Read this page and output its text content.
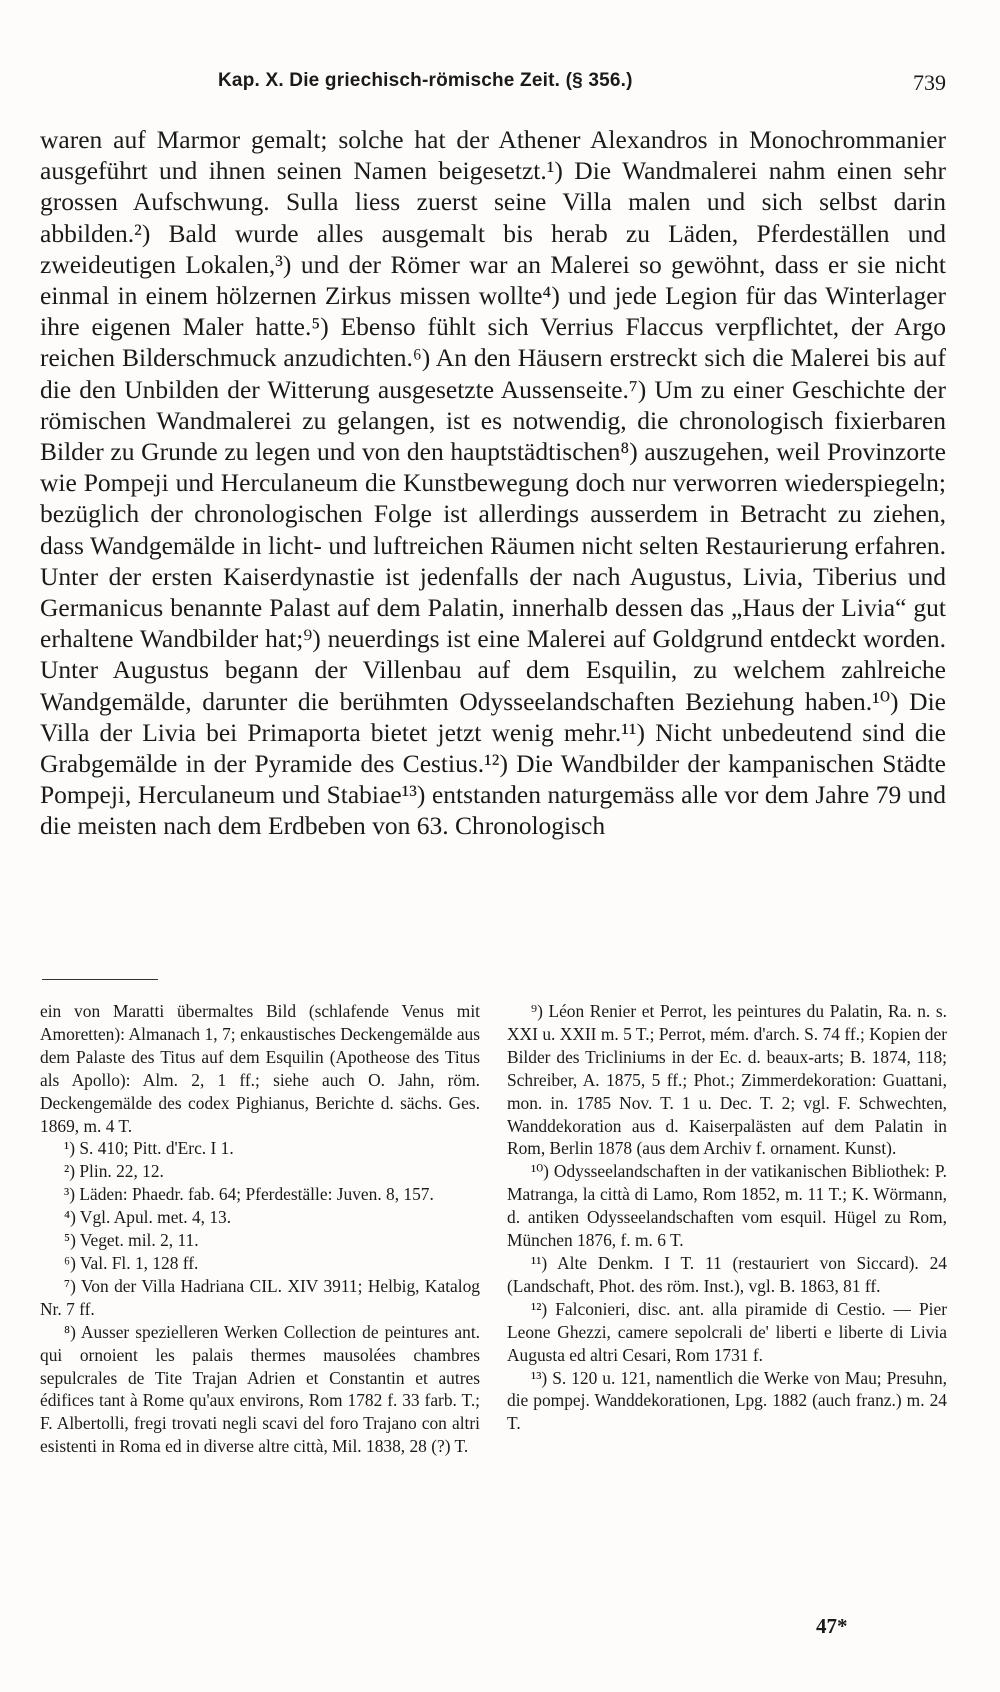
Kap. X. Die griechisch-römische Zeit. (§ 356.)	739

waren auf Marmor gemalt; solche hat der Athener Alexandros in Monochrommanier ausgeführt und ihnen seinen Namen beigesetzt.¹) Die Wandmalerei nahm einen sehr grossen Aufschwung. Sulla liess zuerst seine Villa malen und sich selbst darin abbilden.²) Bald wurde alles ausgemalt bis herab zu Läden, Pferdeställen und zweideutigen Lokalen,³) und der Römer war an Malerei so gewöhnt, dass er sie nicht einmal in einem hölzernen Zirkus missen wollte⁴) und jede Legion für das Winterlager ihre eigenen Maler hatte.⁵) Ebenso fühlt sich Verrius Flaccus verpflichtet, der Argo reichen Bilderschmuck anzudichten.⁶) An den Häusern erstreckt sich die Malerei bis auf die den Unbilden der Witterung ausgesetzte Aussenseite.⁷) Um zu einer Geschichte der römischen Wandmalerei zu gelangen, ist es notwendig, die chronologisch fixierbaren Bilder zu Grunde zu legen und von den hauptstädtischen⁸) auszugehen, weil Provinzorte wie Pompeji und Herculaneum die Kunstbewegung doch nur verworren wiederspiegeln; bezüglich der chronologischen Folge ist allerdings ausserdem in Betracht zu ziehen, dass Wandgemälde in licht- und luftreichen Räumen nicht selten Restaurierung erfahren. Unter der ersten Kaiserdynastie ist jedenfalls der nach Augustus, Livia, Tiberius und Germanicus benannte Palast auf dem Palatin, innerhalb dessen das „Haus der Livia“ gut erhaltene Wandbilder hat;⁹) neuerdings ist eine Malerei auf Goldgrund entdeckt worden. Unter Augustus begann der Villenbau auf dem Esquilin, zu welchem zahlreiche Wandgemälde, darunter die berühmten Odysseelandschaften Beziehung haben.¹⁰) Die Villa der Livia bei Primaporta bietet jetzt wenig mehr.¹¹) Nicht unbedeutend sind die Grabgemälde in der Pyramide des Cestius.¹²) Die Wandbilder der kampanischen Städte Pompeji, Herculaneum und Stabiae¹³) entstanden naturgemäss alle vor dem Jahre 79 und die meisten nach dem Erdbeben von 63. Chronologisch

ein von Maratti übermaltes Bild (schlafende Venus mit Amoretten): Almanach 1, 7; enkaustisches Deckengemälde aus dem Palaste des Titus auf dem Esquilin (Apotheose des Titus als Apollo): Alm. 2, 1 ff.; siehe auch O. Jahn, röm. Deckengemälde des codex Pighianus, Berichte d. sächs. Ges. 1869, m. 4 T.

¹) S. 410; Pitt. d'Erc. I 1.

²) Plin. 22, 12.

³) Läden: Phaedr. fab. 64; Pferdeställe: Juven. 8, 157.

⁴) Vgl. Apul. met. 4, 13.

⁵) Veget. mil. 2, 11.

⁶) Val. Fl. 1, 128 ff.

⁷) Von der Villa Hadriana CIL. XIV 3911; Helbig, Katalog Nr. 7 ff.

⁸) Ausser spezielleren Werken Collection de peintures ant. qui ornoient les palais thermes mausolées chambres sepulcrales de Tite Trajan Adrien et Constantin et autres édifices tant à Rome qu'aux environs, Rom 1782 f. 33 farb. T.; F. Albertolli, fregi trovati negli scavi del foro Trajano con altri esistenti in Roma ed in diverse altre città, Mil. 1838, 28 (?) T.

⁹) Léon Renier et Perrot, les peintures du Palatin, Ra. n. s. XXI u. XXII m. 5 T.; Perrot, mém. d'arch. S. 74 ff.; Kopien der Bilder des Tricliniums in der Ec. d. beaux-arts; B. 1874, 118; Schreiber, A. 1875, 5 ff.; Phot.; Zimmerdekoration: Guattani, mon. in. 1785 Nov. T. 1 u. Dec. T. 2; vgl. F. Schwechten, Wanddekoration aus d. Kaiserpalästen auf dem Palatin in Rom, Berlin 1878 (aus dem Archiv f. ornament. Kunst).

¹⁰) Odysseelandschaften in der vatikanischen Bibliothek: P. Matranga, la città di Lamo, Rom 1852, m. 11 T.; K. Wörmann, d. antiken Odysseelandschaften vom esquil. Hügel zu Rom, München 1876, f. m. 6 T.

¹¹) Alte Denkm. I T. 11 (restauriert von Siccard). 24 (Landschaft, Phot. des röm. Inst.), vgl. B. 1863, 81 ff.

¹²) Falconieri, disc. ant. alla piramide di Cestio. — Pier Leone Ghezzi, camere sepolcrali de' liberti e liberte di Livia Augusta ed altri Cesari, Rom 1731 f.

¹³) S. 120 u. 121, namentlich die Werke von Mau; Presuhn, die pompej. Wanddekorationen, Lpg. 1882 (auch franz.) m. 24 T.

47*
